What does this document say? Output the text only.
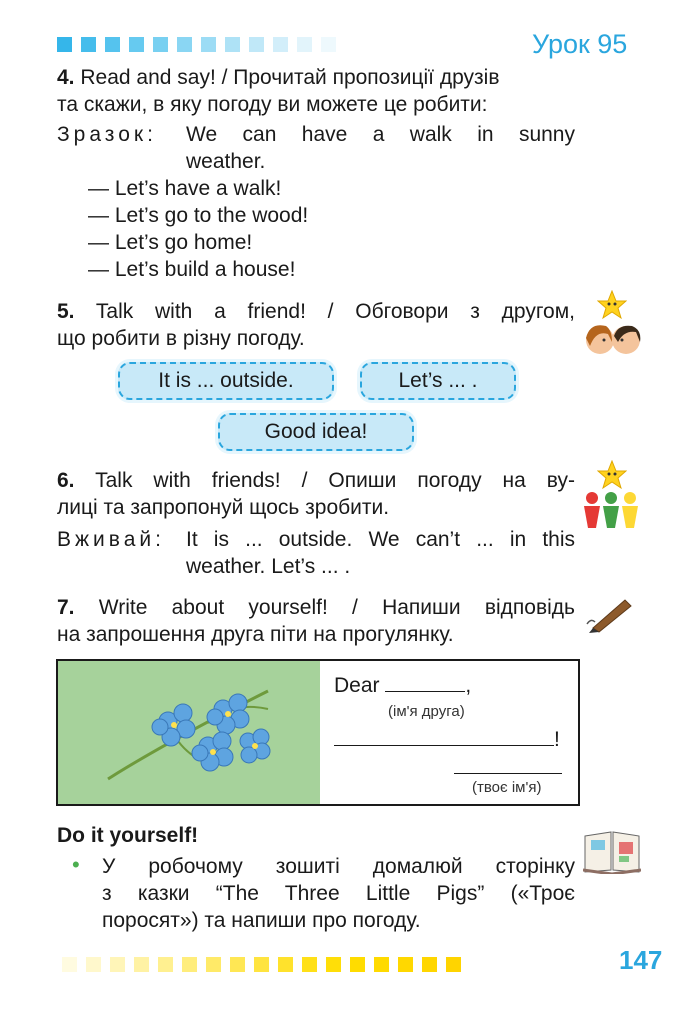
Урок 95
4. Read and say! / Прочитай пропозиції друзів
та скажи, в яку погоду ви можете це робити:
Зразок: We can have a walk in sunny
weather.
— Let’s have a walk!
— Let’s go to the wood!
— Let’s go home!
— Let’s build a house!
5. Talk with a friend! / Обговори з другом,
що робити в різну погоду.
It is ... outside.	Let’s ... .
Good idea!
6. Talk with friends! / Опиши погоду на ву-
лиці та запропонуй щось зробити.
Вживай: It is ... outside. We can’t ... in this
weather. Let’s ... .
7. Write about yourself! / Напиши відповідь
на запрошення друга піти на прогулянку.
Dear	,
(ім'я друга)
!
(твоє ім'я)
Do it yourself!
• У робочому зошиті домалюй сторінку
з казки “The Three Little Pigs” («Троє
поросят») та напиши про погоду.
147
